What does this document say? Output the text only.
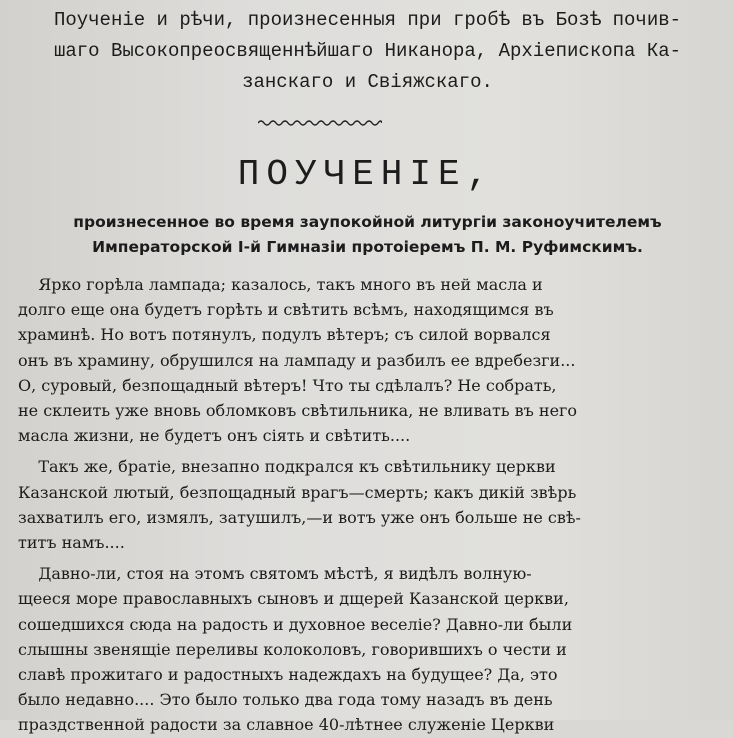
Поученіе и рѣчи, произнесенныя при гробѣ въ Бозѣ почив-
шаго Высокопреосвященнѣйшаго Никанора, Архіепископа Ка-
занскаго и Свіяжскаго.
ПОУЧЕНІЕ,
произнесенное во время заупокойной литургіи законоучителемъ
Императорской I-й Гимназіи протоіеремъ П. М. Руфимскимъ.
Ярко горѣла лампада; казалось, такъ много въ ней масла и
долго еще она будетъ горѣть и свѣтить всѣмъ, находящимся въ
храминѣ. Но вотъ потянулъ, подулъ вѣтеръ; съ силой ворвался
онъ въ храмину, обрушился на лампаду и разбилъ ее вдребезги...
О, суровый, безпощадный вѣтеръ! Что ты сдѣлалъ? Не собрать,
не склеить уже вновь обломковъ свѣтильника, не вливать въ него
масла жизни, не будетъ онъ сіять и свѣтить....
Такъ же, братіе, внезапно подкрался къ свѣтильнику церкви
Казанской лютый, безпощадный врагъ—смерть; какъ дикій звѣрь
захватилъ его, измялъ, затушилъ,—и вотъ уже онъ больше не свѣ-
титъ намъ....
Давно-ли, стоя на этомъ святомъ мѣстѣ, я видѣлъ волную-
щееся море православныхъ сыновъ и дщерей Казанской церкви,
сошедшихся сюда на радость и духовное веселіе? Давно-ли были
слышны звенящіе переливы колоколовъ, говорившихъ о чести и
славѣ прожитаго и радостныхъ надеждахъ на будущее? Да, это
было недавно.... Это было только два года тому назадъ въ день
праздственной радости за славное 40-лѣтнее служеніе Церкви
